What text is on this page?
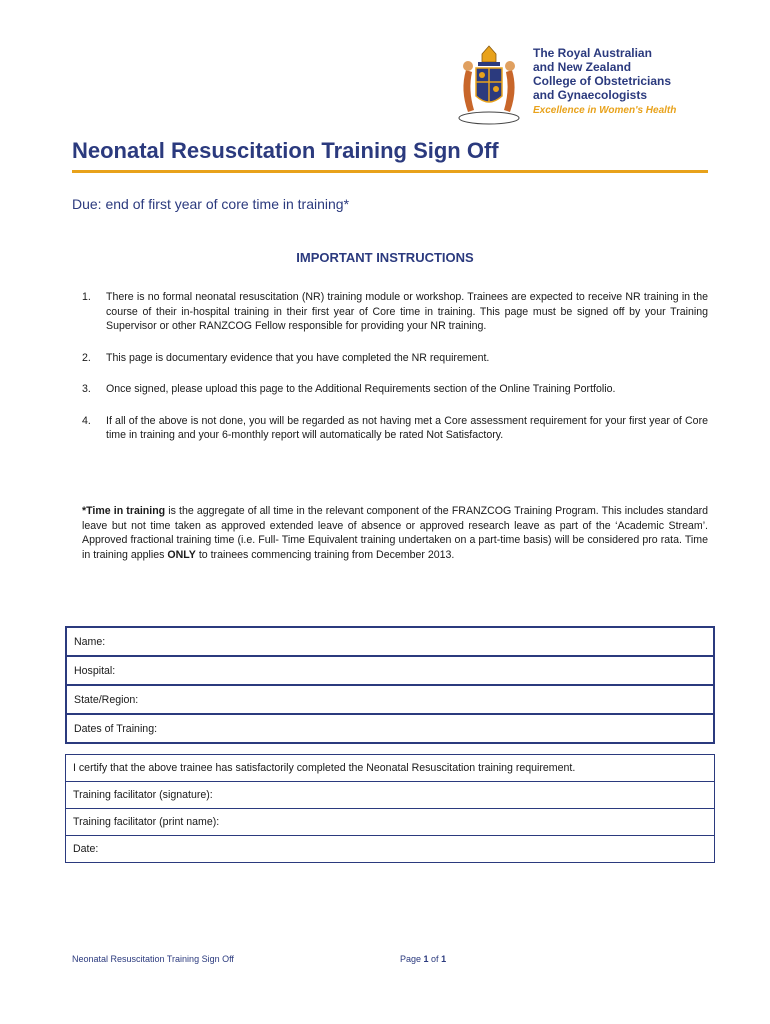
The Royal Australian
and New Zealand
College of Obstetricians
and Gynaecologists
Excellence in Women's Health
Neonatal Resuscitation Training Sign Off
Due: end of first year of core time in training*
IMPORTANT INSTRUCTIONS
1. There is no formal neonatal resuscitation (NR) training module or workshop. Trainees are expected to receive NR training in the course of their in-hospital training in their first year of Core time in training. This page must be signed off by your Training Supervisor or other RANZCOG Fellow responsible for providing your NR training.
2. This page is documentary evidence that you have completed the NR requirement.
3. Once signed, please upload this page to the Additional Requirements section of the Online Training Portfolio.
4. If all of the above is not done, you will be regarded as not having met a Core assessment requirement for your first year of Core time in training and your 6-monthly report will automatically be rated Not Satisfactory.
*Time in training is the aggregate of all time in the relevant component of the FRANZCOG Training Program. This includes standard leave but not time taken as approved extended leave of absence or approved research leave as part of the ‘Academic Stream’. Approved fractional training time (i.e. Full- Time Equivalent training undertaken on a part-time basis) will be considered pro rata. Time in training applies ONLY to trainees commencing training from December 2013.
Name:
Hospital:
State/Region:
Dates of Training:
I certify that the above trainee has satisfactorily completed the Neonatal Resuscitation training requirement.
Training facilitator (signature):
Training facilitator (print name):
Date:
Neonatal Resuscitation Training Sign Off	Page 1 of 1
